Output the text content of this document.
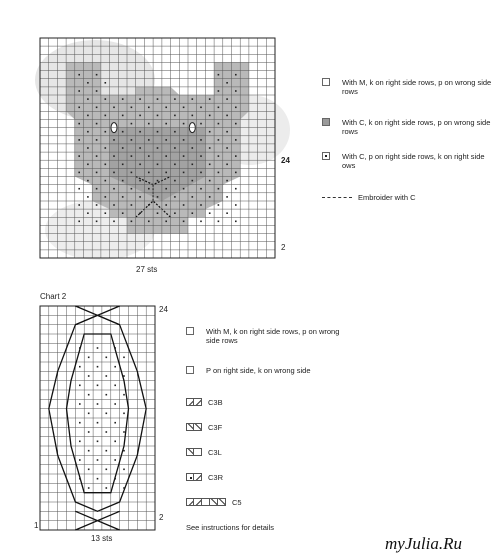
24
2
27 sts
With M, k on right side rows, p on wrong side rows
With C, k on right side rows, p on wrong side rows
With C, p on right side rows, k on right side ows
Embroider with C
Chart 2
24
2
1
13 sts
With M, k on right side rows, p on wrong side rows
P on right side, k on wrong side
C3B
C3F
C3L
C3R
C5
See instructions for details
myJulia.Ru
